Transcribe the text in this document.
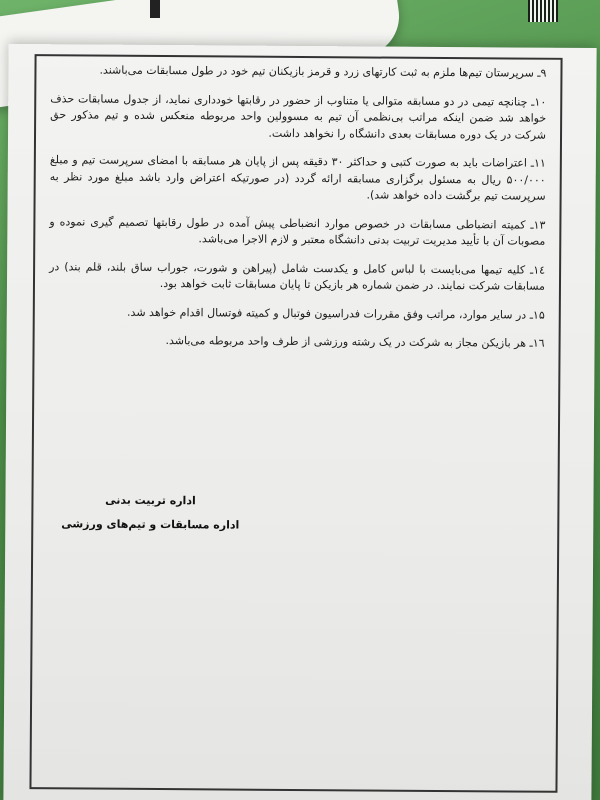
۹ـ سرپرستان تیم‌ها ملزم به ثبت کارتهای زرد و قرمز بازیکنان تیم خود در طول مسابقات می‌باشند.

۱۰ـ چنانچه تیمی در دو مسابقه متوالی یا متناوب از حضور در رقابتها خودداری نماید، از جدول مسابقات حذف خواهد شد ضمن اینکه مراتب بی‌نظمی آن تیم به مسوولین واحد مربوطه منعکس شده و تیم مذکور حق شرکت در یک دوره مسابقات بعدی دانشگاه را نخواهد داشت.

۱۱ـ اعتراضات باید به صورت کتبی و حداکثر ۳۰ دقیقه پس از پایان هر مسابقه با امضای سرپرست تیم و مبلغ ۵۰۰/۰۰۰ ریال به مسئول برگزاری مسابقه ارائه گردد (در صورتیکه اعتراض وارد باشد مبلغ مورد نظر به سرپرست تیم برگشت داده خواهد شد).

۱۳ـ کمیته انضباطی مسابقات در خصوص موارد انضباطی پیش آمده در طول رقابتها تصمیم گیری نموده و مصوبات آن با تأیید مدیریت تربیت بدنی دانشگاه معتبر و لازم الاجرا می‌باشد.

۱٤ـ کلیه تیمها می‌بایست با لباس کامل و یکدست شامل (پیراهن و شورت، جوراب ساق بلند، قلم بند) در مسابقات شرکت نمایند. در ضمن شماره هر بازیکن تا پایان مسابقات ثابت خواهد بود.

۱۵ـ در سایر موارد، مراتب وفق مقررات فدراسیون فوتبال و کمیته فوتسال اقدام خواهد شد.

۱٦ـ هر بازیکن مجاز به شرکت در یک رشته ورزشی از طرف واحد مربوطه می‌باشد.

اداره تربیت بدنی
اداره مسابقات و تیم‌های ورزشی
